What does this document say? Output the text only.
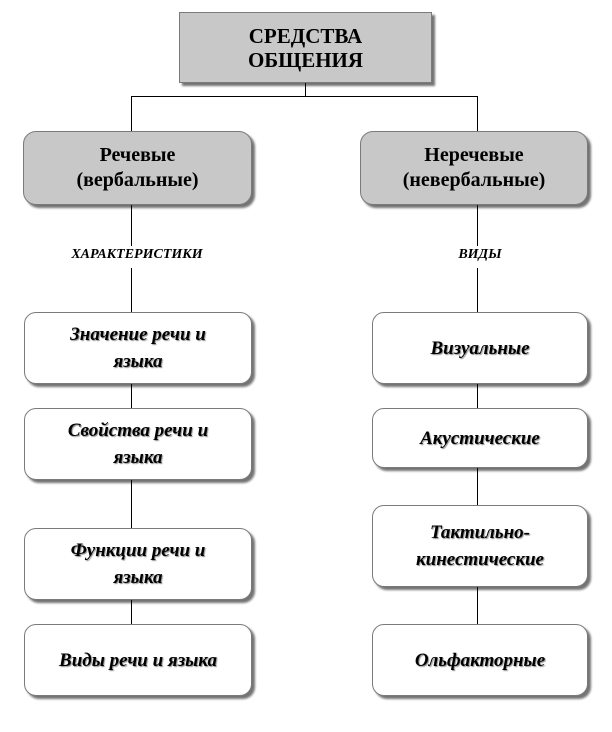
СРЕДСТВА
ОБЩЕНИЯ
Речевые
(вербальные)
Неречевые
(невербальные)
ХАРАКТЕРИСТИКИ	ВИДЫ
Значение речи и
языка
Свойства речи и
языка
Функции речи и
языка
Виды речи и языка
Визуальные
Акустические
Тактильно-
кинестические
Ольфакторные
